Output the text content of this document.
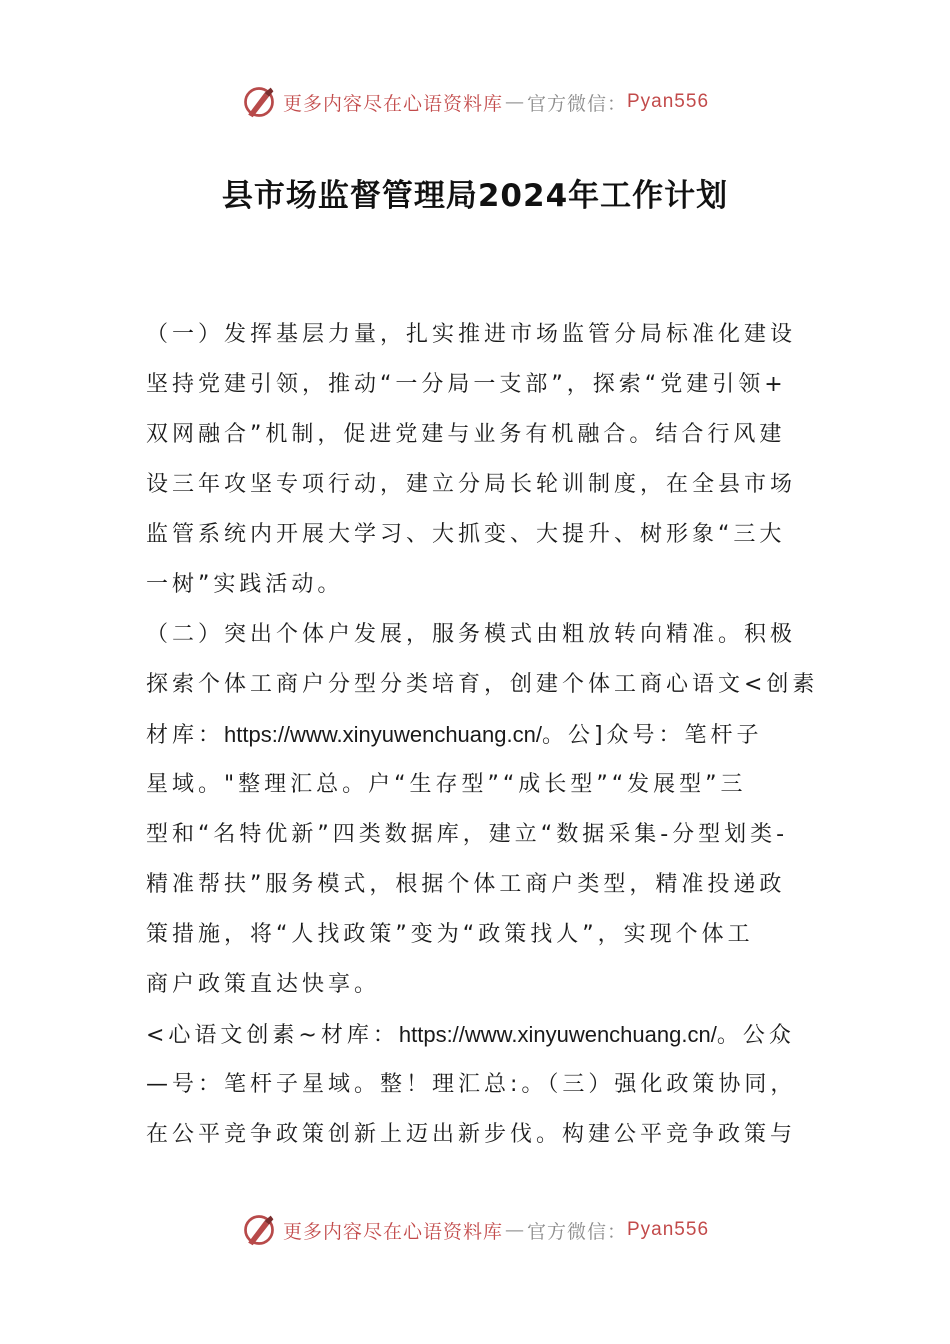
更多内容尽在心语资料库 — 官方微信： Pyan556
县市场监督管理局2024年工作计划
（一）发挥基层力量，扎实推进市场监管分局标准化建设
坚持党建引领，推动“一分局一支部”，探索“党建引领+
双网融合”机制，促进党建与业务有机融合。结合行风建
设三年攻坚专项行动，建立分局长轮训制度，在全县市场
监管系统内开展大学习、大抓变、大提升、树形象“三大
一树”实践活动。
（二）突出个体户发展，服务模式由粗放转向精准。积极
探索个体工商户分型分类培育，创建个体工商心语文<创素
材库：https://www.xinyuwenchuang.cn/。公]众号：笔杆子
星域。"整理汇总。户“生存型”“成长型”“发展型”三
型和“名特优新”四类数据库，建立“数据采集-分型划类-
精准帮扶”服务模式，根据个体工商户类型，精准投递政
策措施，将“人找政策”变为“政策找人”，实现个体工
商户政策直达快享。
<心语文创素~材库：https://www.xinyuwenchuang.cn/。公众
—号：笔杆子星域。整！理汇总:。（三）强化政策协同，
在公平竞争政策创新上迈出新步伐。构建公平竞争政策与
更多内容尽在心语资料库 — 官方微信： Pyan556
